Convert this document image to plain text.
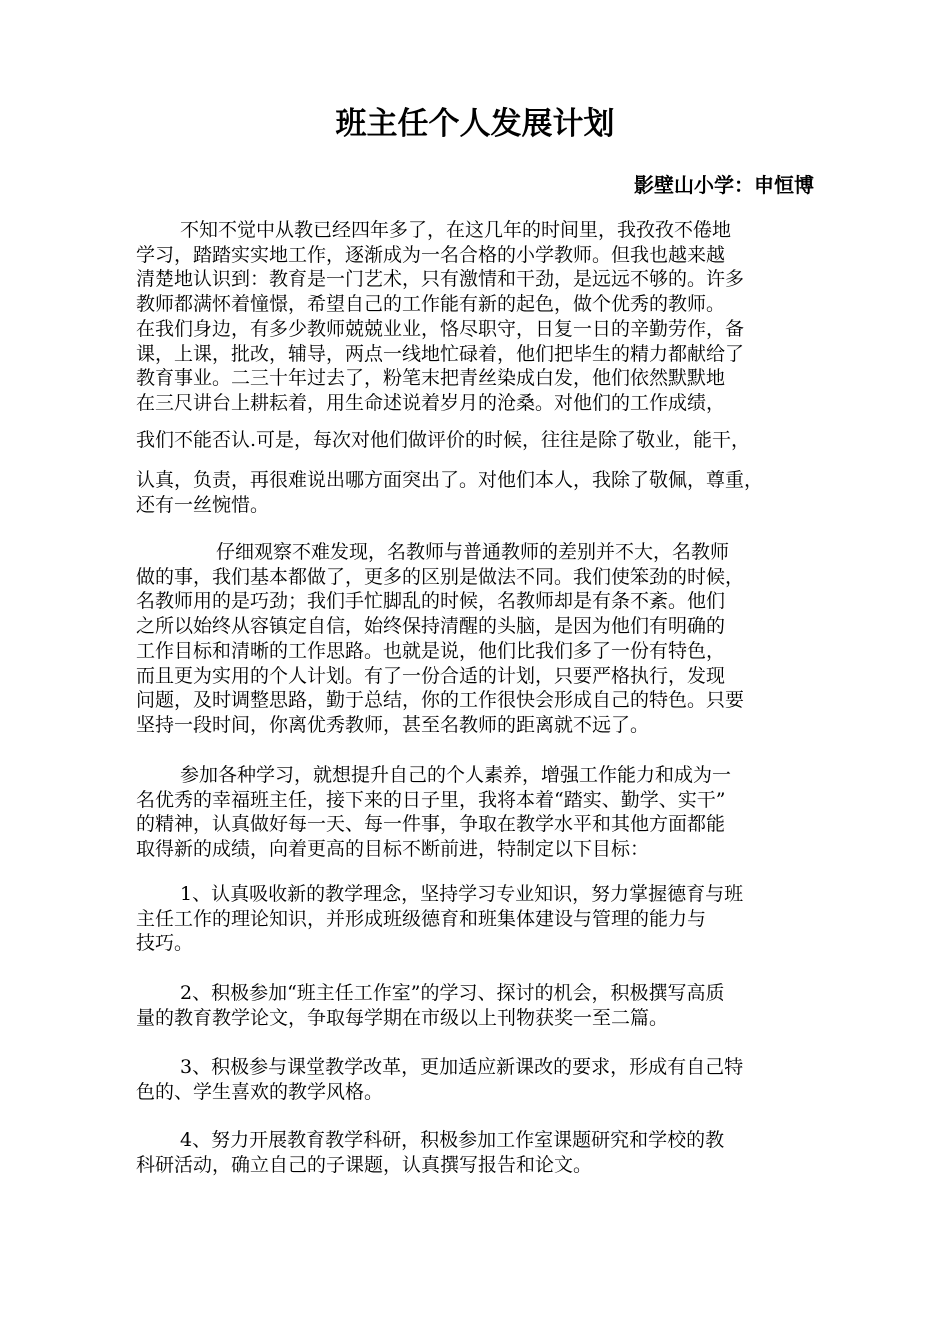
班主任个人发展计划
影壁山小学：申恒博
不知不觉中从教已经四年多了，在这几年的时间里，我孜孜不倦地
学习，踏踏实实地工作，逐渐成为一名合格的小学教师。但我也越来越
清楚地认识到：教育是一门艺术，只有激情和干劲，是远远不够的。许多
教师都满怀着憧憬，希望自己的工作能有新的起色，做个优秀的教师。
在我们身边，有多少教师兢兢业业，恪尽职守，日复一日的辛勤劳作，备
课，上课，批改，辅导，两点一线地忙碌着，他们把毕生的精力都献给了
教育事业。二三十年过去了，粉笔末把青丝染成白发，他们依然默默地
在三尺讲台上耕耘着，用生命述说着岁月的沧桑。对他们的工作成绩，
我们不能否认.可是，每次对他们做评价的时候，往往是除了敬业，能干，
认真，负责，再很难说出哪方面突出了。对他们本人，我除了敬佩，尊重，
还有一丝惋惜。
仔细观察不难发现，名教师与普通教师的差别并不大，名教师
做的事，我们基本都做了，更多的区别是做法不同。我们使笨劲的时候，
名教师用的是巧劲；我们手忙脚乱的时候，名教师却是有条不紊。他们
之所以始终从容镇定自信，始终保持清醒的头脑，是因为他们有明确的
工作目标和清晰的工作思路。也就是说，他们比我们多了一份有特色，
而且更为实用的个人计划。有了一份合适的计划，只要严格执行，发现
问题，及时调整思路，勤于总结，你的工作很快会形成自己的特色。只要
坚持一段时间，你离优秀教师，甚至名教师的距离就不远了。
参加各种学习，就想提升自己的个人素养，增强工作能力和成为一
名优秀的幸福班主任，接下来的日子里，我将本着“踏实、勤学、实干”
的精神，认真做好每一天、每一件事，争取在教学水平和其他方面都能
取得新的成绩，向着更高的目标不断前进，特制定以下目标：
1、认真吸收新的教学理念，坚持学习专业知识，努力掌握德育与班
主任工作的理论知识，并形成班级德育和班集体建设与管理的能力与
技巧。
2、积极参加“班主任工作室”的学习、探讨的机会，积极撰写高质
量的教育教学论文，争取每学期在市级以上刊物获奖一至二篇。
3、积极参与课堂教学改革，更加适应新课改的要求，形成有自己特
色的、学生喜欢的教学风格。
4、努力开展教育教学科研，积极参加工作室课题研究和学校的教
科研活动，确立自己的子课题，认真撰写报告和论文。
